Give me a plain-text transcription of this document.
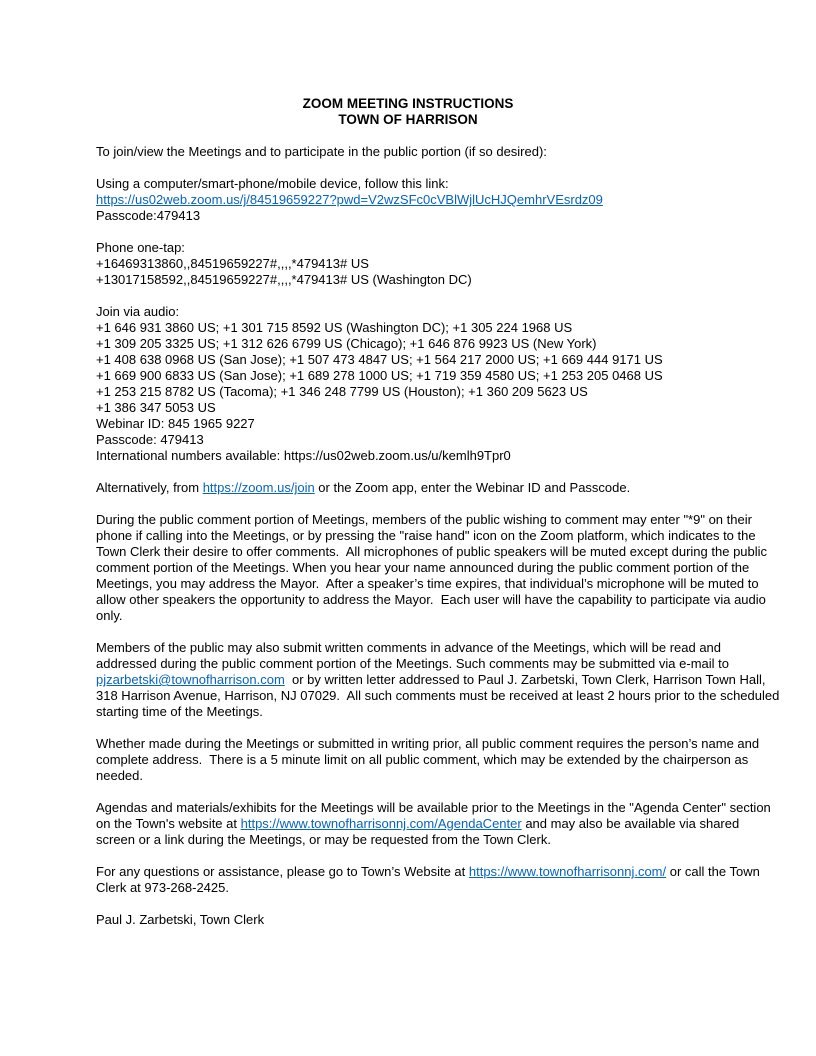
ZOOM MEETING INSTRUCTIONS
TOWN OF HARRISON
To join/view the Meetings and to participate in the public portion (if so desired):
Using a computer/smart-phone/mobile device, follow this link:
https://us02web.zoom.us/j/84519659227?pwd=V2wzSFc0cVBlWjlUcHJQemhrVEsrdz09
Passcode:479413
Phone one-tap:
+16469313860,,84519659227#,,,,*479413# US
+13017158592,,84519659227#,,,,*479413# US (Washington DC)
Join via audio:
+1 646 931 3860 US; +1 301 715 8592 US (Washington DC); +1 305 224 1968 US
+1 309 205 3325 US; +1 312 626 6799 US (Chicago); +1 646 876 9923 US (New York)
+1 408 638 0968 US (San Jose); +1 507 473 4847 US; +1 564 217 2000 US; +1 669 444 9171 US
+1 669 900 6833 US (San Jose); +1 689 278 1000 US; +1 719 359 4580 US; +1 253 205 0468 US
+1 253 215 8782 US (Tacoma); +1 346 248 7799 US (Houston); +1 360 209 5623 US
+1 386 347 5053 US
Webinar ID: 845 1965 9227
Passcode: 479413
International numbers available: https://us02web.zoom.us/u/kemlh9Tpr0
Alternatively, from https://zoom.us/join or the Zoom app, enter the Webinar ID and Passcode.
During the public comment portion of Meetings, members of the public wishing to comment may enter "*9" on their
phone if calling into the Meetings, or by pressing the "raise hand" icon on the Zoom platform, which indicates to the
Town Clerk their desire to offer comments.  All microphones of public speakers will be muted except during the public
comment portion of the Meetings. When you hear your name announced during the public comment portion of the
Meetings, you may address the Mayor.  After a speaker’s time expires, that individual’s microphone will be muted to
allow other speakers the opportunity to address the Mayor.  Each user will have the capability to participate via audio
only.
Members of the public may also submit written comments in advance of the Meetings, which will be read and
addressed during the public comment portion of the Meetings. Such comments may be submitted via e-mail to
pjzarbetski@townofharrison.com  or by written letter addressed to Paul J. Zarbetski, Town Clerk, Harrison Town Hall,
318 Harrison Avenue, Harrison, NJ 07029.  All such comments must be received at least 2 hours prior to the scheduled
starting time of the Meetings.
Whether made during the Meetings or submitted in writing prior, all public comment requires the person’s name and
complete address.  There is a 5 minute limit on all public comment, which may be extended by the chairperson as
needed.
Agendas and materials/exhibits for the Meetings will be available prior to the Meetings in the "Agenda Center" section
on the Town's website at https://www.townofharrisonnj.com/AgendaCenter and may also be available via shared
screen or a link during the Meetings, or may be requested from the Town Clerk.
For any questions or assistance, please go to Town’s Website at https://www.townofharrisonnj.com/ or call the Town
Clerk at 973-268-2425.
Paul J. Zarbetski, Town Clerk
